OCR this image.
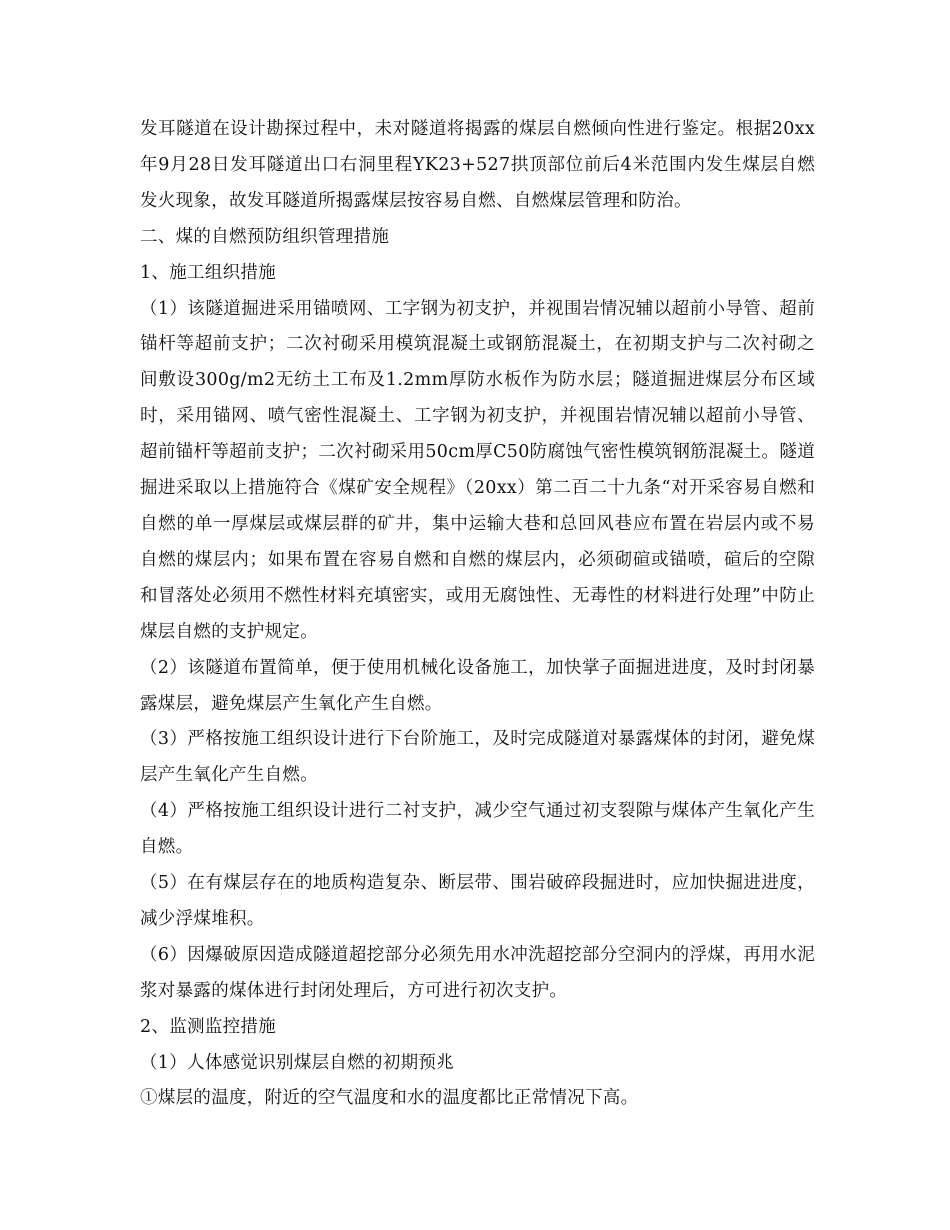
发耳隧道在设计勘探过程中，未对隧道将揭露的煤层自燃倾向性进行鉴定。根据20xx年9月28日发耳隧道出口右洞里程YK23+527拱顶部位前后4米范围内发生煤层自燃发火现象，故发耳隧道所揭露煤层按容易自燃、自燃煤层管理和防治。

二、煤的自燃预防组织管理措施

1、施工组织措施

（1）该隧道掘进采用锚喷网、工字钢为初支护，并视围岩情况辅以超前小导管、超前锚杆等超前支护；二次衬砌采用模筑混凝土或钢筋混凝土，在初期支护与二次衬砌之间敷设300g/m2无纺土工布及1.2mm厚防水板作为防水层；隧道掘进煤层分布区域时，采用锚网、喷气密性混凝土、工字钢为初支护，并视围岩情况辅以超前小导管、超前锚杆等超前支护；二次衬砌采用50cm厚C50防腐蚀气密性模筑钢筋混凝土。隧道掘进采取以上措施符合《煤矿安全规程》（20xx）第二百二十九条“对开采容易自燃和自燃的单一厚煤层或煤层群的矿井，集中运输大巷和总回风巷应布置在岩层内或不易自燃的煤层内；如果布置在容易自燃和自燃的煤层内，必须砌碹或锚喷，碹后的空隙和冒落处必须用不燃性材料充填密实，或用无腐蚀性、无毒性的材料进行处理”中防止煤层自燃的支护规定。

（2）该隧道布置简单，便于使用机械化设备施工，加快掌子面掘进进度，及时封闭暴露煤层，避免煤层产生氧化产生自燃。

（3）严格按施工组织设计进行下台阶施工，及时完成隧道对暴露煤体的封闭，避免煤层产生氧化产生自燃。

（4）严格按施工组织设计进行二衬支护，减少空气通过初支裂隙与煤体产生氧化产生自燃。

（5）在有煤层存在的地质构造复杂、断层带、围岩破碎段掘进时，应加快掘进进度，减少浮煤堆积。

（6）因爆破原因造成隧道超挖部分必须先用水冲洗超挖部分空洞内的浮煤，再用水泥浆对暴露的煤体进行封闭处理后，方可进行初次支护。

2、监测监控措施

（1）人体感觉识别煤层自燃的初期预兆

①煤层的温度，附近的空气温度和水的温度都比正常情况下高。
